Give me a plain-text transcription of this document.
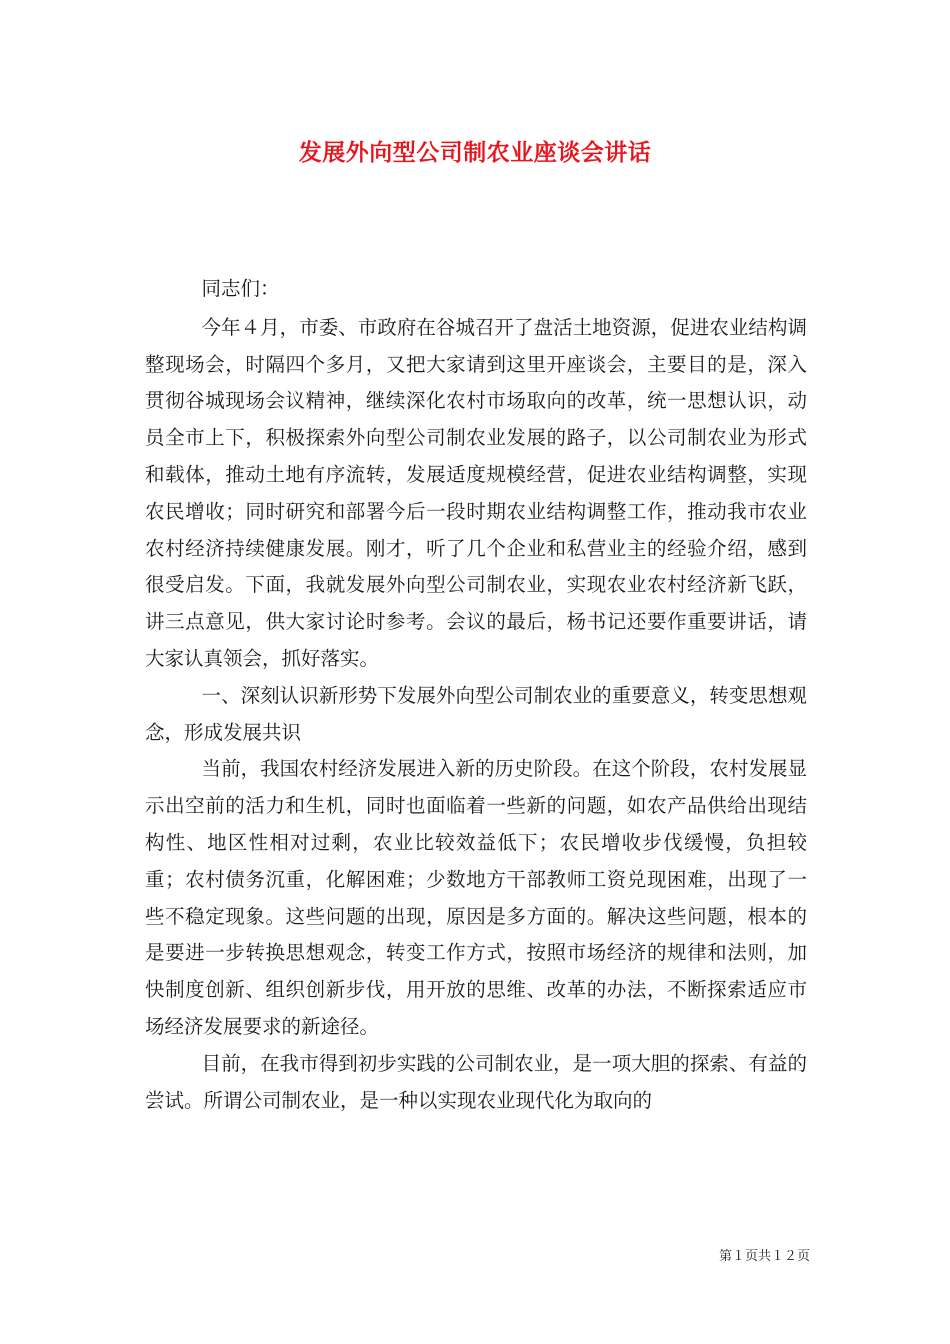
发展外向型公司制农业座谈会讲话

同志们：

今年４月，市委、市政府在谷城召开了盘活土地资源，促进农业结构调整现场会，时隔四个多月，又把大家请到这里开座谈会，主要目的是，深入贯彻谷城现场会议精神，继续深化农村市场取向的改革，统一思想认识，动员全市上下，积极探索外向型公司制农业发展的路子，以公司制农业为形式和载体，推动土地有序流转，发展适度规模经营，促进农业结构调整，实现农民增收；同时研究和部署今后一段时期农业结构调整工作，推动我市农业农村经济持续健康发展。刚才，听了几个企业和私营业主的经验介绍，感到很受启发。下面，我就发展外向型公司制农业，实现农业农村经济新飞跃，讲三点意见，供大家讨论时参考。会议的最后，杨书记还要作重要讲话，请大家认真领会，抓好落实。

一、深刻认识新形势下发展外向型公司制农业的重要意义，转变思想观念，形成发展共识

当前，我国农村经济发展进入新的历史阶段。在这个阶段，农村发展显示出空前的活力和生机，同时也面临着一些新的问题，如农产品供给出现结构性、地区性相对过剩，农业比较效益低下；农民增收步伐缓慢，负担较重；农村债务沉重，化解困难；少数地方干部教师工资兑现困难，出现了一些不稳定现象。这些问题的出现，原因是多方面的。解决这些问题，根本的是要进一步转换思想观念，转变工作方式，按照市场经济的规律和法则，加快制度创新、组织创新步伐，用开放的思维、改革的办法，不断探索适应市场经济发展要求的新途径。

目前，在我市得到初步实践的公司制农业，是一项大胆的探索、有益的尝试。所谓公司制农业，是一种以实现农业现代化为取向的

第１页共１２页
